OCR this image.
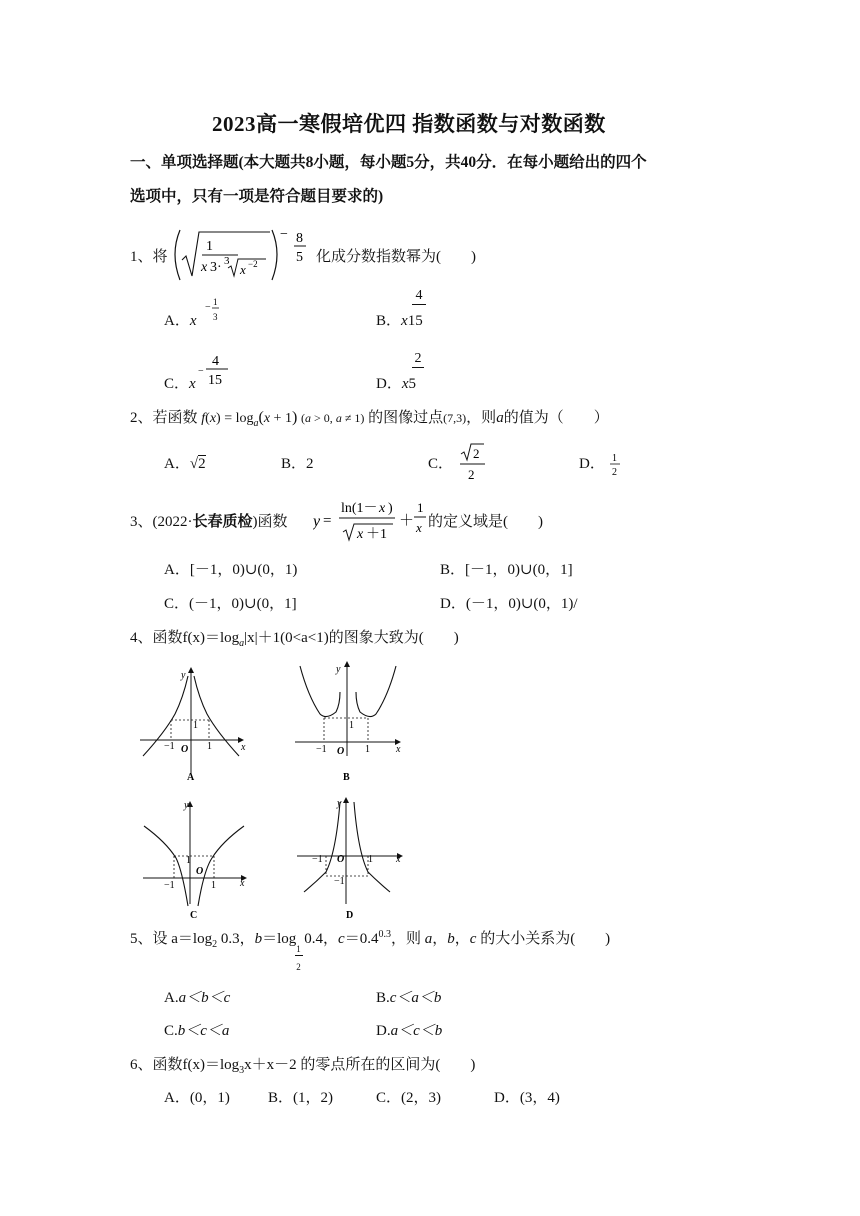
2023高一寒假培优四 指数函数与对数函数
一、单项选择题(本大题共8小题，每小题5分，共40分．在每小题给出的四个
选项中，只有一项是符合题目要求的)
1、将
1
x 3· 3
x −2
− 8
5 化成分数指数幂为(　　)
A．x
− 1
3	B．x15
4
C．x
−
4
15	D．x5
2
2、若函数 $f(x) = \log_a(x + 1) (a > 0$, a ≠ 1) 的图像过点(7,3)，则a的值为（　　）
A．√2	B．2	C．
2
2
D． 1
2
3、(2022·长春质检)函数 y =
ln(1－ x )
x ＋1
＋
1
x 的定义域是(　　)
A．[－1，0)∪(0，1)	B．[－1，0)∪(0，1]
C．(－1，0)∪(0，1]	D．(－1，0)∪(0，1)/
4、函数$f(x)=\log_a|x|+1(0<a<1)$的图象大致为(　　)
y
x
O
−1	1
1
A
y
x
O
−1	1
1
B
y
x
O
−1	1
1
C
y
x
O
−1	1
−1
D
5、设 $a=\log_2$ 0.3，b＝log
$\frac{1}{2}$
0.4，$c=0.4^{0.3}$，则 a，b，c 的大小关系为(　　)
A.a＜b＜c	B.c＜a＜b
C.b＜c＜a	D.a＜c＜b
6、函数$f(x)=\log_3x+x-2$ 的零点所在的区间为(　　)
A．(0，1)	B．(1，2)	C．(2，3)	D．(3，4)
